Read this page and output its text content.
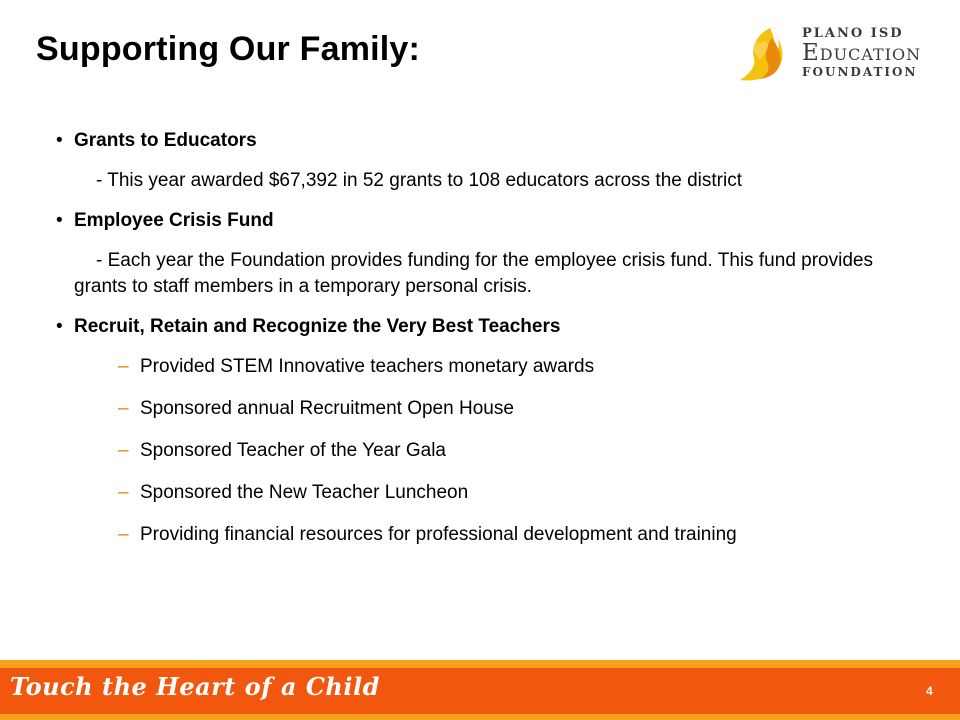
Supporting Our Family:	PLANO ISD
Education
FOUNDATION
• Grants to Educators
- This year awarded $67,392 in 52 grants to 108 educators across the district
• Employee Crisis Fund
- Each year the Foundation provides funding for the employee crisis fund. This fund provides grants to staff members in a temporary personal crisis.
• Recruit, Retain and Recognize the Very Best Teachers
– Provided STEM Innovative teachers monetary awards
– Sponsored annual Recruitment Open House
– Sponsored Teacher of the Year Gala
– Sponsored the New Teacher Luncheon
– Providing financial resources for professional development and training
Touch the Heart of a Child	4
